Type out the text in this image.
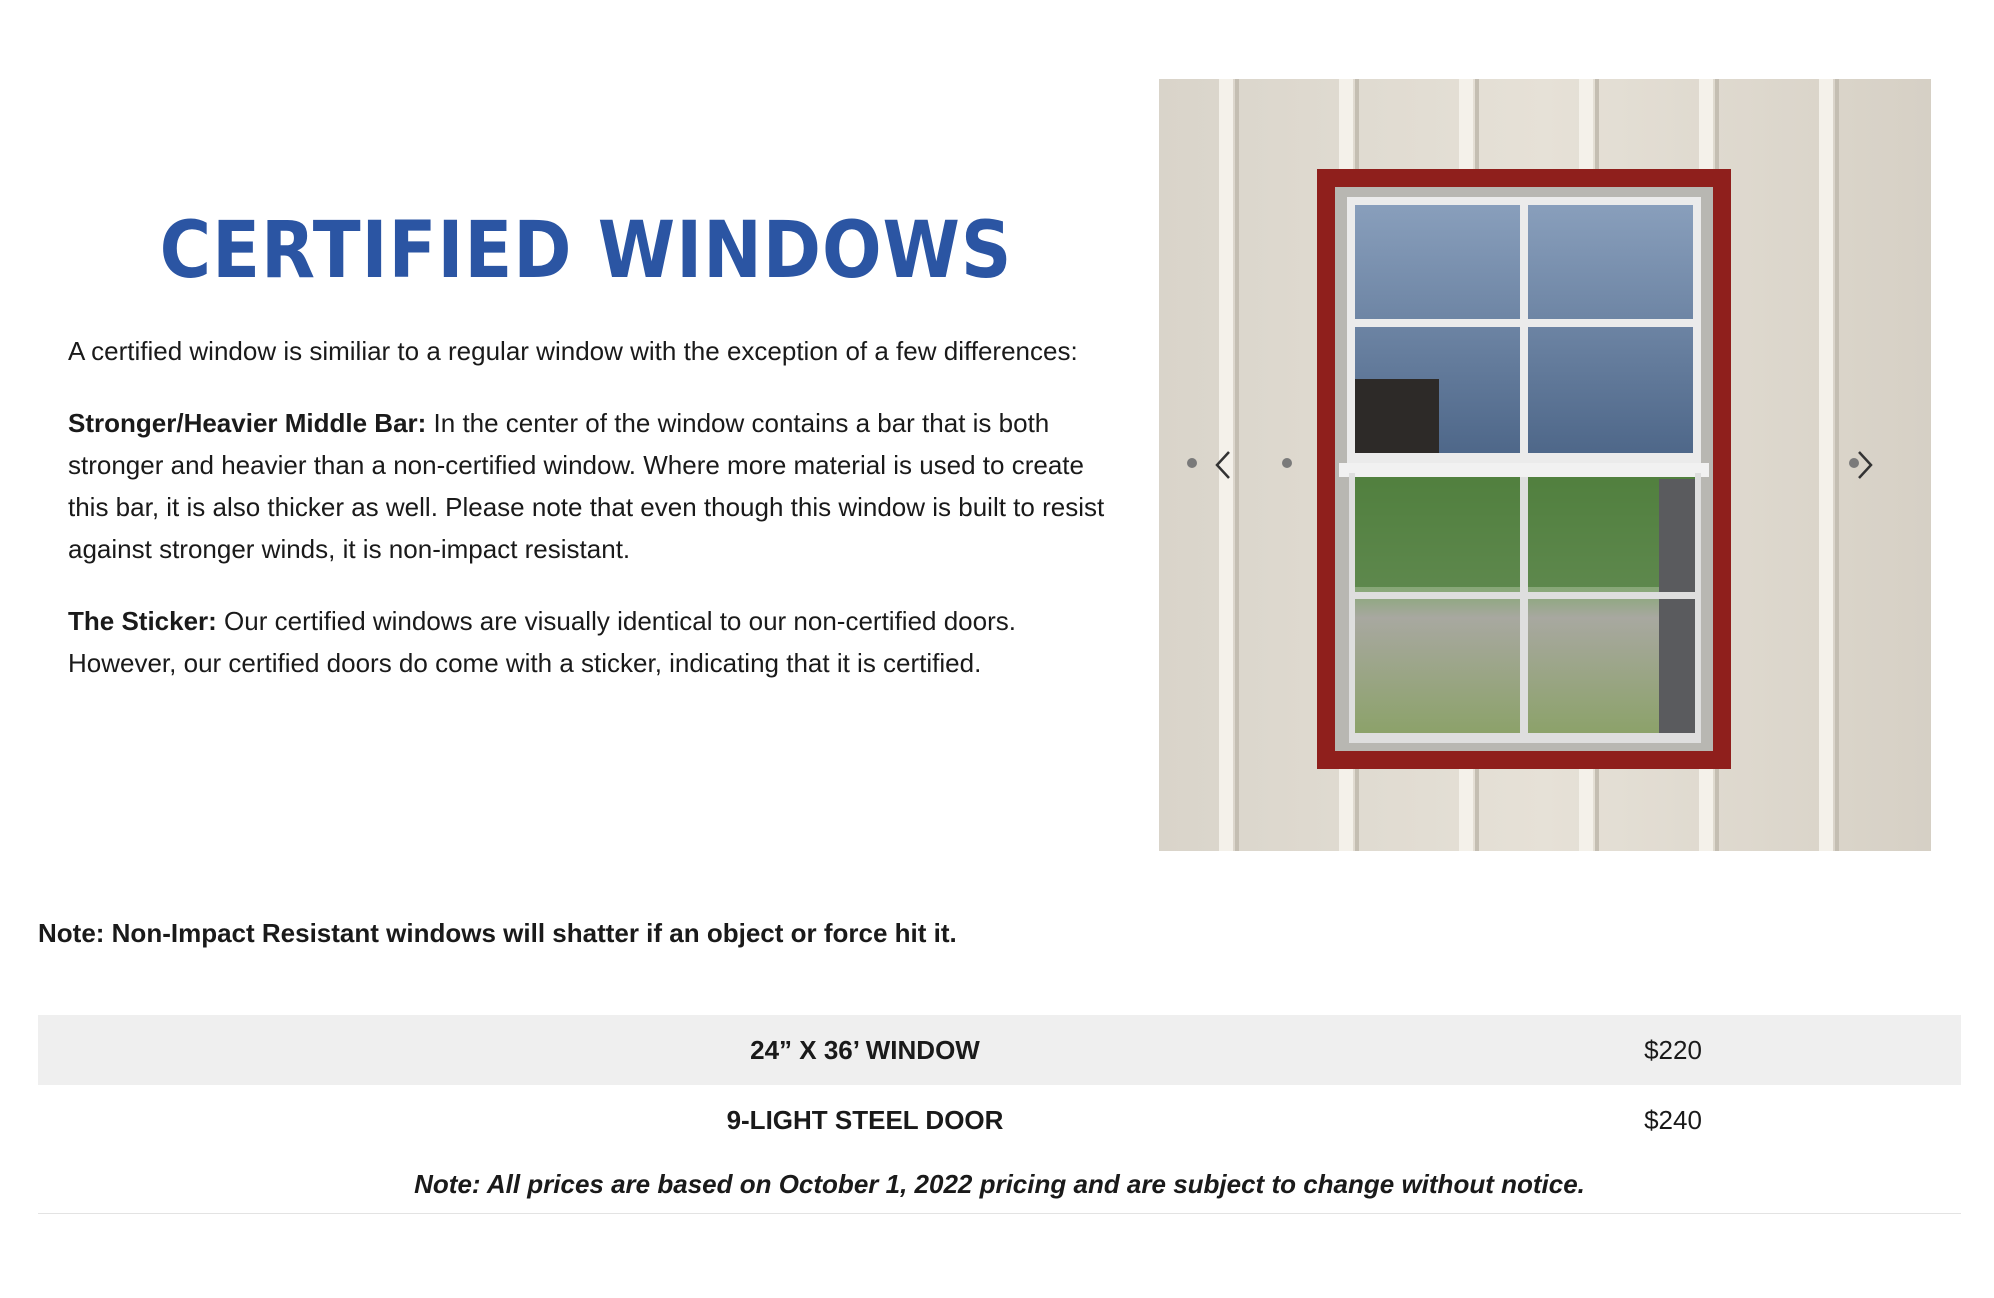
CERTIFIED WINDOWS

A certified window is similiar to a regular window with the exception of a few differences:

Stronger/Heavier Middle Bar: In the center of the window contains a bar that is both stronger and heavier than a non-certified window. Where more material is used to create this bar, it is also thicker as well. Please note that even though this window is built to resist against stronger winds, it is non-impact resistant.

The Sticker: Our certified windows are visually identical to our non-certified doors. However, our certified doors do come with a sticker, indicating that it is certified.

Note: Non-Impact Resistant windows will shatter if an object or force hit it.

24” X 36’ WINDOW	$220
9-LIGHT STEEL DOOR	$240
Note: All prices are based on October 1, 2022 pricing and are subject to change without notice.	
